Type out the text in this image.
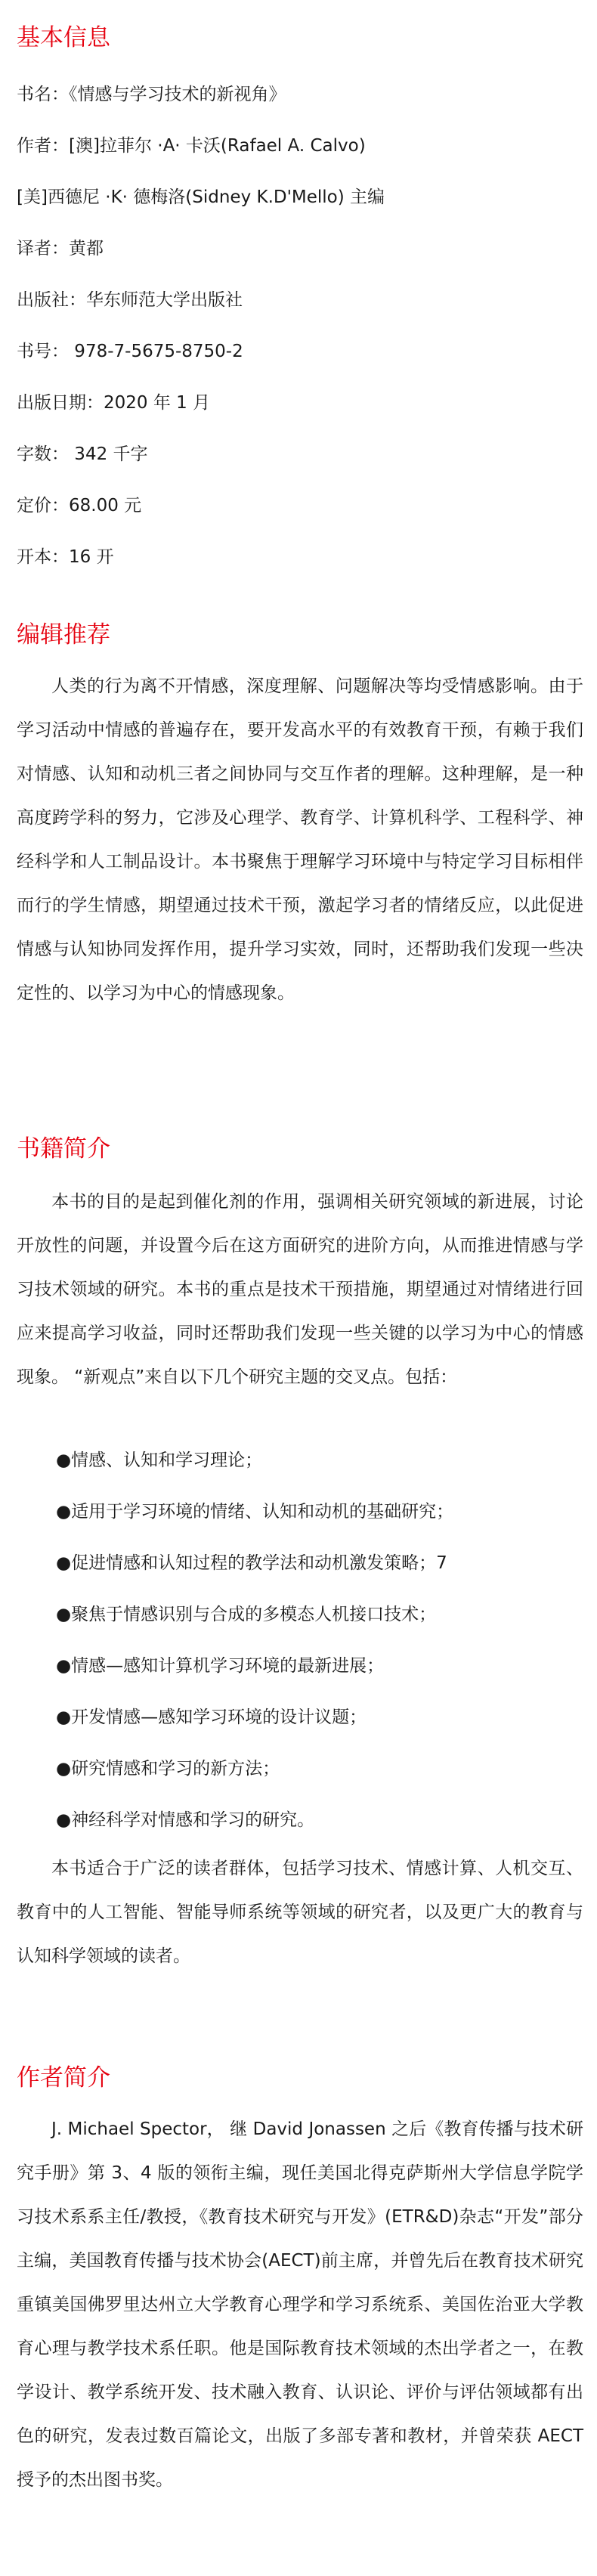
基本信息

书名：《情感与学习技术的新视角》

作者：[澳]拉菲尔 ·A· 卡沃(Rafael A. Calvo)

[美]西德尼 ·K· 德梅洛(Sidney K.D'Mello) 主编

译者：黄都

出版社：华东师范大学出版社

书号： 978-7-5675-8750-2

出版日期：2020 年 1 月

字数： 342 千字

定价：68.00 元

开本：16 开

编辑推荐

人类的行为离不开情感，深度理解、问题解决等均受情感影响。由于学习活动中情感的普遍存在，要开发高水平的有效教育干预，有赖于我们对情感、认知和动机三者之间协同与交互作者的理解。这种理解，是一种高度跨学科的努力，它涉及心理学、教育学、计算机科学、工程科学、神经科学和人工制品设计。本书聚焦于理解学习环境中与特定学习目标相伴而行的学生情感，期望通过技术干预，激起学习者的情绪反应，以此促进情感与认知协同发挥作用，提升学习实效，同时，还帮助我们发现一些决定性的、以学习为中心的情感现象。

书籍简介

本书的目的是起到催化剂的作用，强调相关研究领域的新进展，讨论开放性的问题，并设置今后在这方面研究的进阶方向，从而推进情感与学习技术领域的研究。本书的重点是技术干预措施，期望通过对情绪进行回应来提高学习收益，同时还帮助我们发现一些关键的以学习为中心的情感现象。 “新观点”来自以下几个研究主题的交叉点。包括：

●情感、认知和学习理论；

●适用于学习环境的情绪、认知和动机的基础研究；

●促进情感和认知过程的教学法和动机激发策略；7

●聚焦于情感识别与合成的多模态人机接口技术；

●情感—感知计算机学习环境的最新进展；

●开发情感—感知学习环境的设计议题；

●研究情感和学习的新方法；

●神经科学对情感和学习的研究。

本书适合于广泛的读者群体，包括学习技术、情感计算、人机交互、教育中的人工智能、智能导师系统等领域的研究者，以及更广大的教育与认知科学领域的读者。

作者简介

J. Michael Spector， 继 David Jonassen 之后《教育传播与技术研究手册》第 3、4 版的领衔主编，现任美国北得克萨斯州大学信息学院学习技术系系主任/教授，《教育技术研究与开发》(ETR&D)杂志“开发”部分主编，美国教育传播与技术协会(AECT)前主席，并曾先后在教育技术研究重镇美国佛罗里达州立大学教育心理学和学习系统系、美国佐治亚大学教育心理与教学技术系任职。他是国际教育技术领域的杰出学者之一，在教学设计、教学系统开发、技术融入教育、认识论、评价与评估领域都有出色的研究，发表过数百篇论文，出版了多部专著和教材，并曾荣获 AECT 授予的杰出图书奖。
